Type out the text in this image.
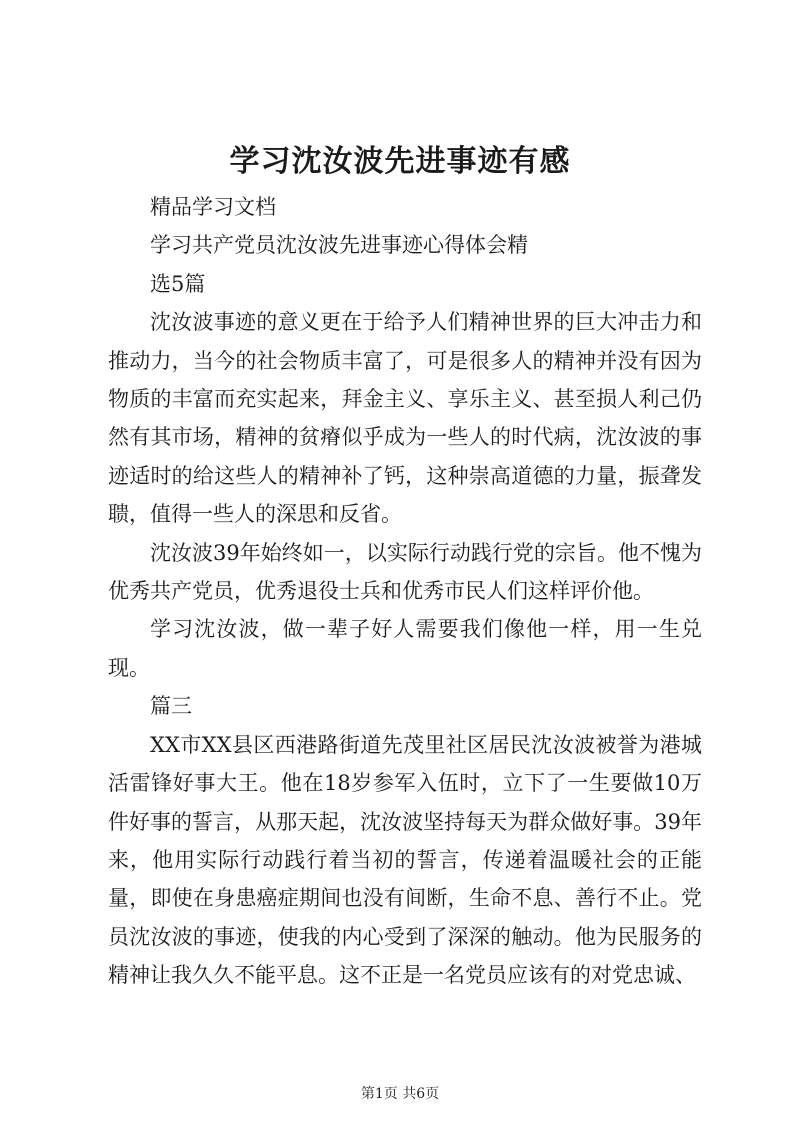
学习沈汝波先进事迹有感

精品学习文档

学习共产党员沈汝波先进事迹心得体会精

选5篇

沈汝波事迹的意义更在于给予人们精神世界的巨大冲击力和推动力，当今的社会物质丰富了，可是很多人的精神并没有因为物质的丰富而充实起来，拜金主义、享乐主义、甚至损人利己仍然有其市场，精神的贫瘠似乎成为一些人的时代病，沈汝波的事迹适时的给这些人的精神补了钙，这种崇高道德的力量，振聋发聩，值得一些人的深思和反省。

沈汝波39年始终如一，以实际行动践行党的宗旨。他不愧为优秀共产党员，优秀退役士兵和优秀市民人们这样评价他。

学习沈汝波，做一辈子好人需要我们像他一样，用一生兑现。

篇三

XX市XX县区西港路街道先茂里社区居民沈汝波被誉为港城活雷锋好事大王。他在18岁参军入伍时，立下了一生要做10万件好事的誓言，从那天起，沈汝波坚持每天为群众做好事。39年来，他用实际行动践行着当初的誓言，传递着温暖社会的正能量，即使在身患癌症期间也没有间断，生命不息、善行不止。党员沈汝波的事迹，使我的内心受到了深深的触动。他为民服务的精神让我久久不能平息。这不正是一名党员应该有的对党忠诚、

第1页 共6页
